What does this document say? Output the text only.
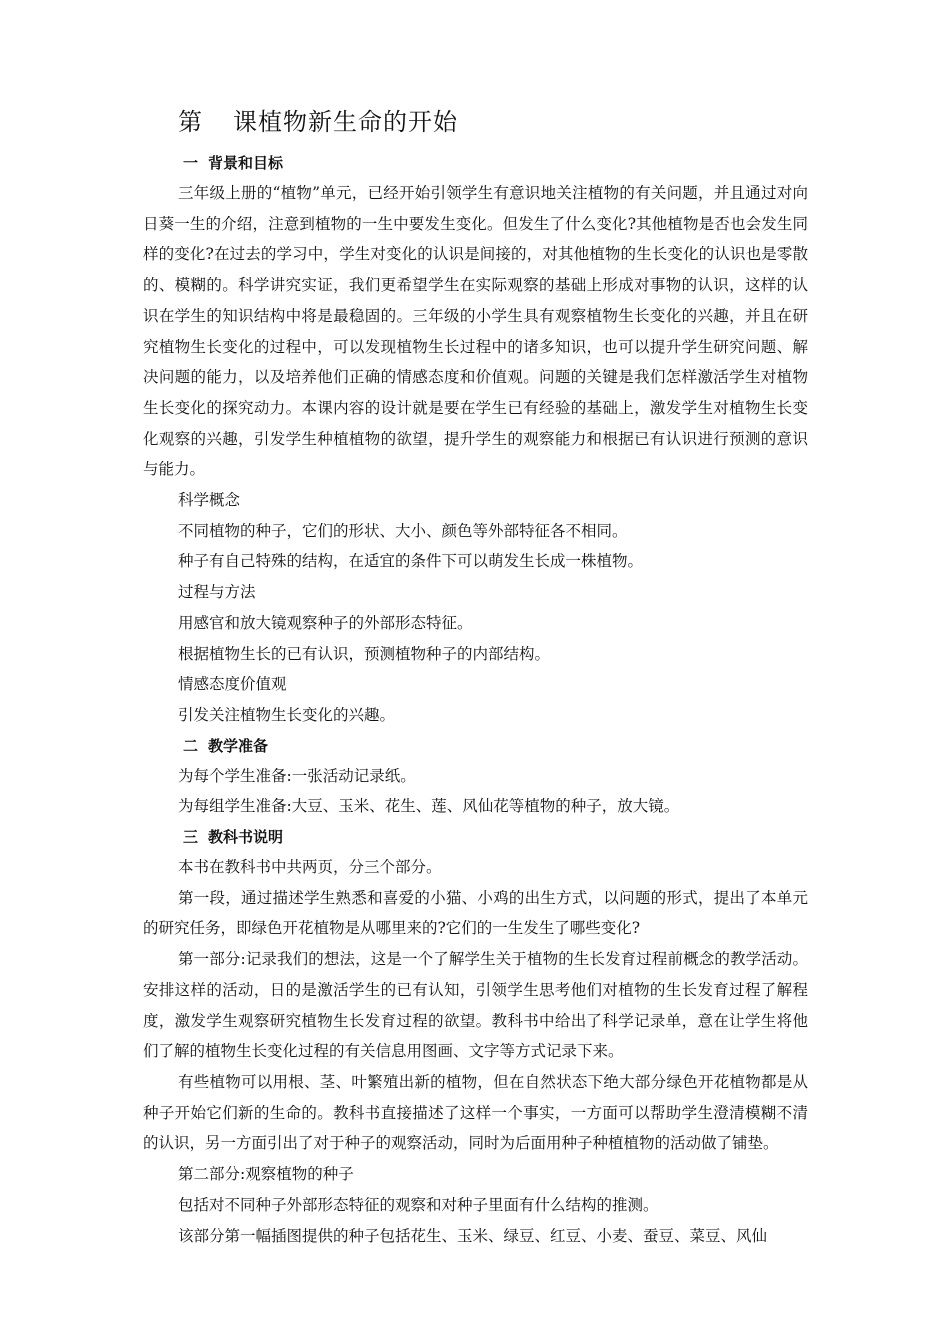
第 课植物新生命的开始
一 背景和目标

三年级上册的“植物”单元，已经开始引领学生有意识地关注植物的有关问题，并且通过对向日葵一生的介绍，注意到植物的一生中要发生变化。但发生了什么变化?其他植物是否也会发生同样的变化?在过去的学习中，学生对变化的认识是间接的，对其他植物的生长变化的认识也是零散的、模糊的。科学讲究实证，我们更希望学生在实际观察的基础上形成对事物的认识，这样的认识在学生的知识结构中将是最稳固的。三年级的小学生具有观察植物生长变化的兴趣，并且在研究植物生长变化的过程中，可以发现植物生长过程中的诸多知识，也可以提升学生研究问题、解决问题的能力，以及培养他们正确的情感态度和价值观。问题的关键是我们怎样激活学生对植物生长变化的探究动力。本课内容的设计就是要在学生已有经验的基础上，激发学生对植物生长变化观察的兴趣，引发学生种植植物的欲望，提升学生的观察能力和根据已有认识进行预测的意识与能力。

科学概念

不同植物的种子，它们的形状、大小、颜色等外部特征各不相同。

种子有自己特殊的结构，在适宜的条件下可以萌发生长成一株植物。

过程与方法

用感官和放大镜观察种子的外部形态特征。

根据植物生长的已有认识，预测植物种子的内部结构。

情感态度价值观

引发关注植物生长变化的兴趣。

二 教学准备

为每个学生准备:一张活动记录纸。

为每组学生准备:大豆、玉米、花生、莲、风仙花等植物的种子，放大镜。

三 教科书说明

本书在教科书中共两页，分三个部分。

第一段，通过描述学生熟悉和喜爱的小猫、小鸡的出生方式，以问题的形式，提出了本单元的研究任务，即绿色开花植物是从哪里来的?它们的一生发生了哪些变化?

第一部分:记录我们的想法，这是一个了解学生关于植物的生长发育过程前概念的教学活动。安排这样的活动，日的是激活学生的已有认知，引领学生思考他们对植物的生长发育过程了解程度，激发学生观察研究植物生长发育过程的欲望。教科书中给出了科学记录单，意在让学生将他们了解的植物生长变化过程的有关信息用图画、文字等方式记录下来。

有些植物可以用根、茎、叶繁殖出新的植物，但在自然状态下绝大部分绿色开花植物都是从种子开始它们新的生命的。教科书直接描述了这样一个事实，一方面可以帮助学生澄清模糊不清的认识，另一方面引出了对于种子的观察活动，同时为后面用种子种植植物的活动做了铺垫。

第二部分:观察植物的种子

包括对不同种子外部形态特征的观察和对种子里面有什么结构的推测。

该部分第一幅插图提供的种子包括花生、玉米、绿豆、红豆、小麦、蚕豆、菜豆、风仙
